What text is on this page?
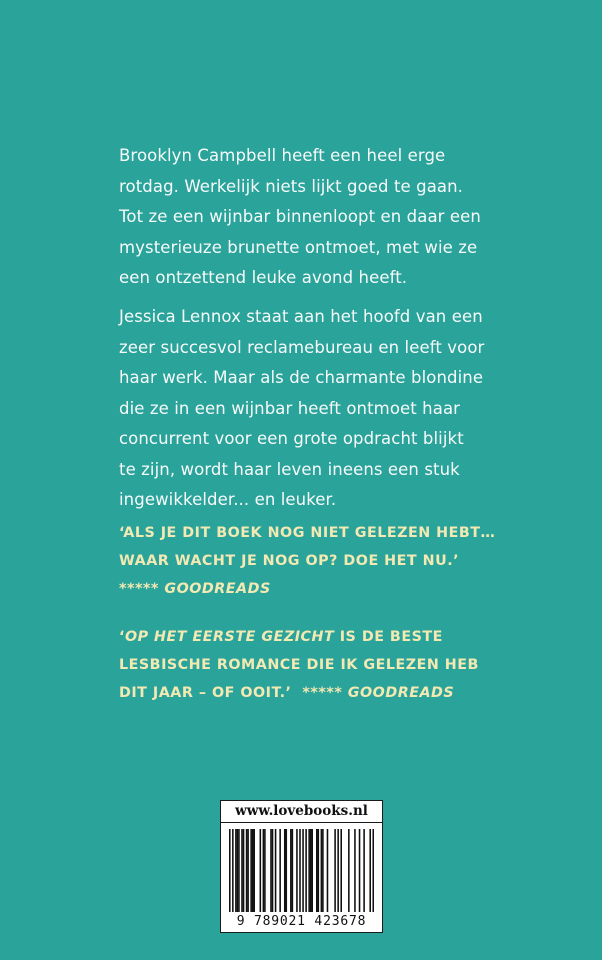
Brooklyn Campbell heeft een heel erge
rotdag. Werkelijk niets lijkt goed te gaan.
Tot ze een wijnbar binnenloopt en daar een
mysterieuze brunette ontmoet, met wie ze
een ontzettend leuke avond heeft.
Jessica Lennox staat aan het hoofd van een
zeer succesvol reclamebureau en leeft voor
haar werk. Maar als de charmante blondine
die ze in een wijnbar heeft ontmoet haar
concurrent voor een grote opdracht blijkt
te zijn, wordt haar leven ineens een stuk
ingewikkelder... en leuker.
‘ALS JE DIT BOEK NOG NIET GELEZEN HEBT…
WAAR WACHT JE NOG OP? DOE HET NU.’
***** GOODREADS
‘OP HET EERSTE GEZICHT IS DE BESTE
LESBISCHE ROMANCE DIE IK GELEZEN HEB
DIT JAAR – OF OOIT.’ ***** GOODREADS
www.lovebooks.nl
9 789021 423678
